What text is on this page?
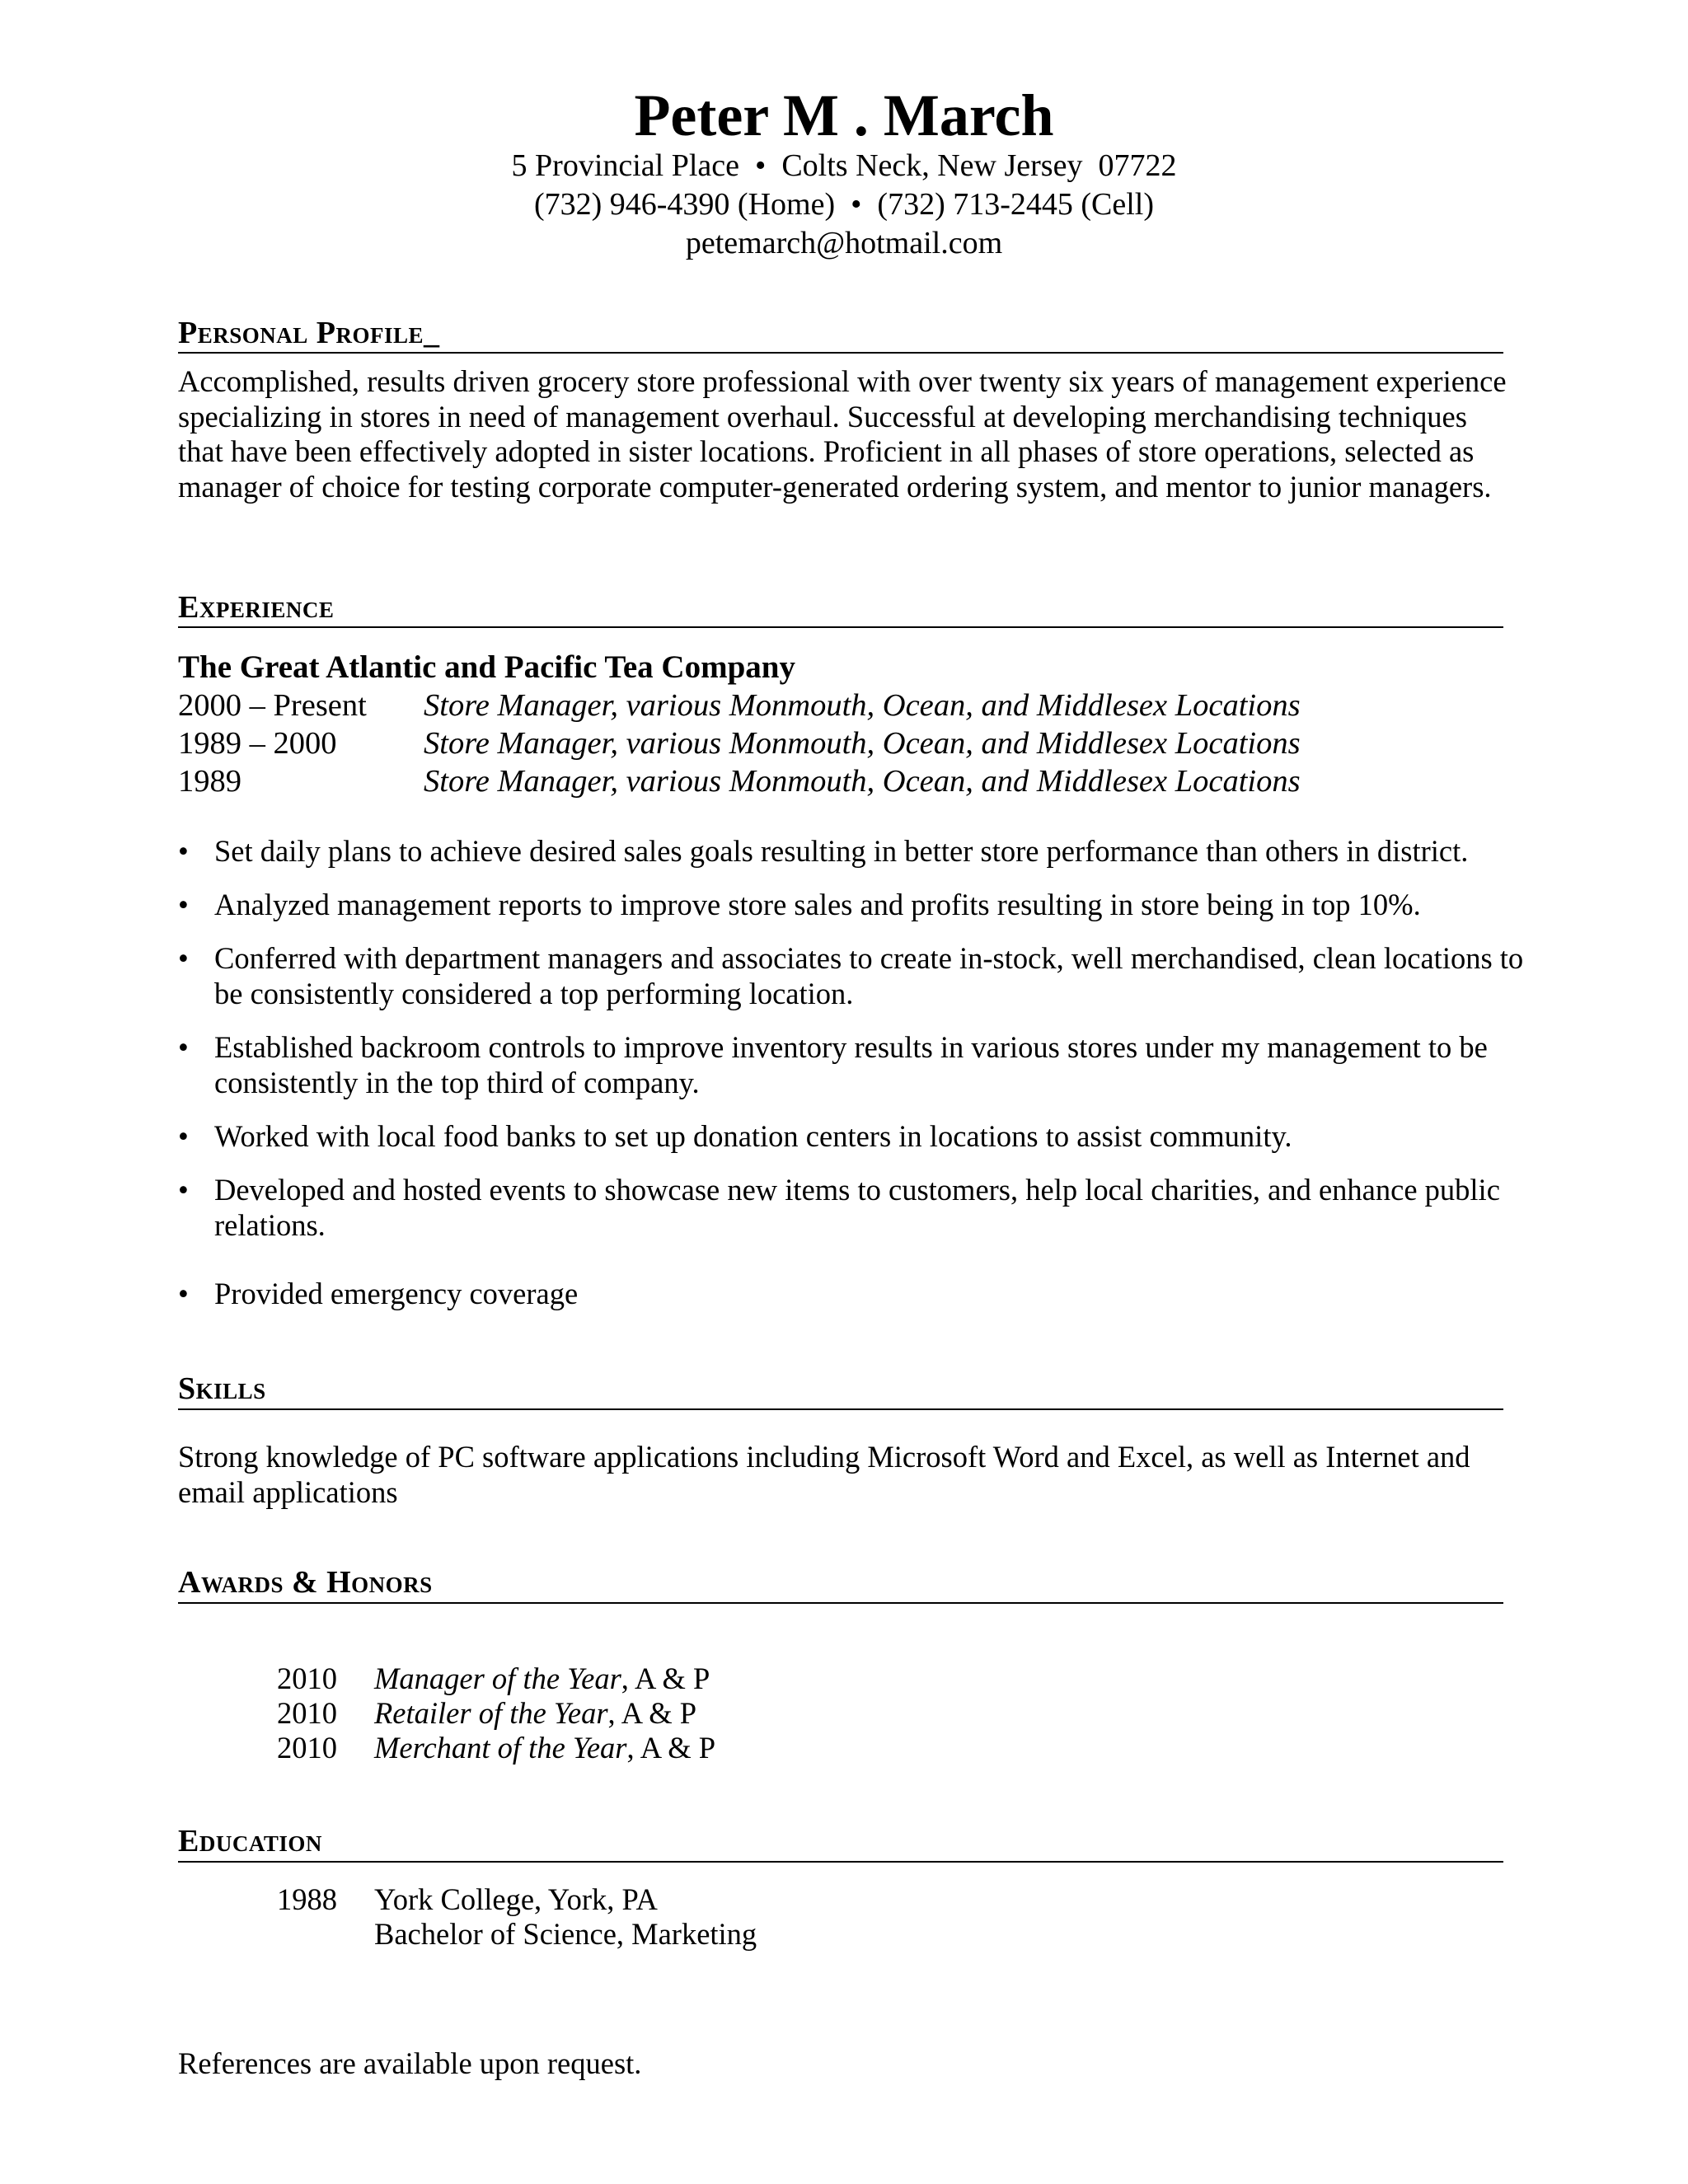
Peter M . March
5 Provincial Place  •  Colts Neck, New Jersey  07722
(732) 946-4390 (Home)  •  (732) 713-2445 (Cell)
petemarch@hotmail.com
Personal Profile_
Accomplished, results driven grocery store professional with over twenty six years of management experience specializing in stores in need of management overhaul. Successful at developing merchandising techniques that have been effectively adopted in sister locations. Proficient in all phases of store operations, selected as manager of choice for testing corporate computer-generated ordering system, and mentor to junior managers.
Experience
The Great Atlantic and Pacific Tea Company
2000 – Present Store Manager, various Monmouth, Ocean, and Middlesex Locations
1989 – 2000	Store Manager, various Monmouth, Ocean, and Middlesex Locations
1989	Store Manager, various Monmouth, Ocean, and Middlesex Locations
• Set daily plans to achieve desired sales goals resulting in better store performance than others in district.
• Analyzed management reports to improve store sales and profits resulting in store being in top 10%.
• Conferred with department managers and associates to create in-stock, well merchandised, clean locations to be consistently considered a top performing location.
• Established backroom controls to improve inventory results in various stores under my management to be consistently in the top third of company.
• Worked with local food banks to set up donation centers in locations to assist community.
• Developed and hosted events to showcase new items to customers, help local charities, and enhance public relations.
• Provided emergency coverage
Skills
Strong knowledge of PC software applications including Microsoft Word and Excel, as well as Internet and email applications
Awards & Honors
2010 Manager of the Year, A & P
2010 Retailer of the Year, A & P
2010 Merchant of the Year, A & P
Education
1988 York College, York, PA
Bachelor of Science, Marketing
References are available upon request.
